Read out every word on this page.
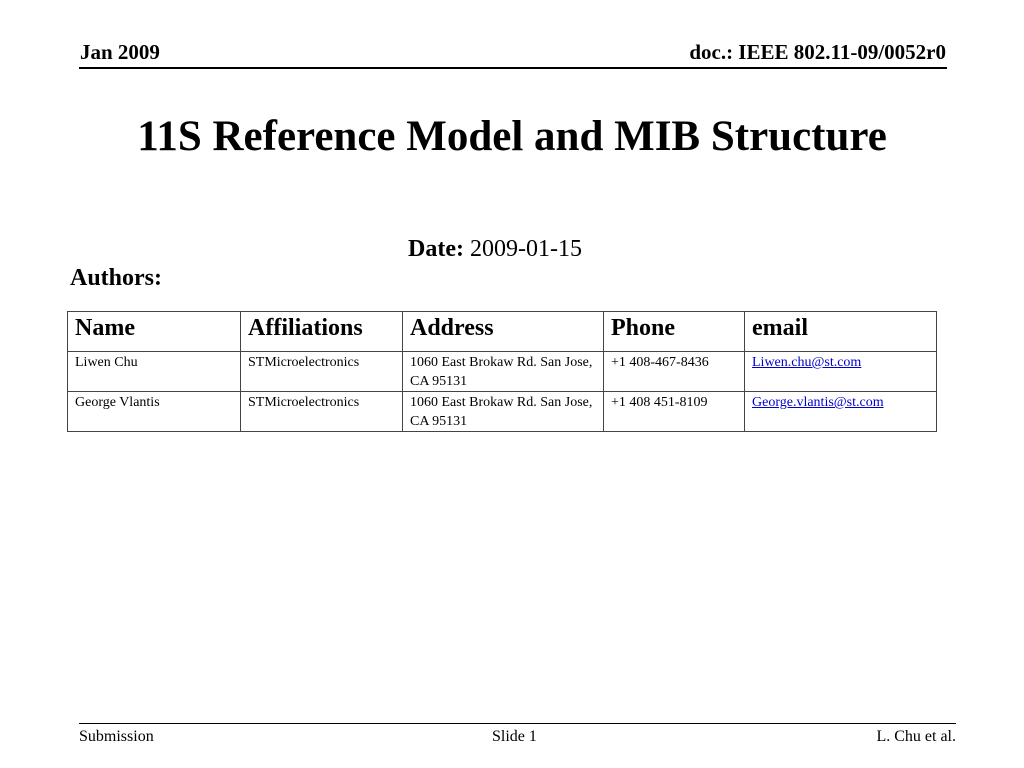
Jan 2009	doc.: IEEE 802.11-09/0052r0
11S Reference Model and MIB Structure
Date: 2009-01-15
Authors:
Name	Affiliations	Address	Phone	email
Liwen Chu	STMicroelectronics	1060 East Brokaw Rd. San Jose, CA 95131	+1 408-467-8436	Liwen.chu@st.com
George Vlantis	STMicroelectronics	1060 East Brokaw Rd. San Jose, CA 95131	+1 408 451-8109	George.vlantis@st.com
Submission	Slide 1	L. Chu et al.
